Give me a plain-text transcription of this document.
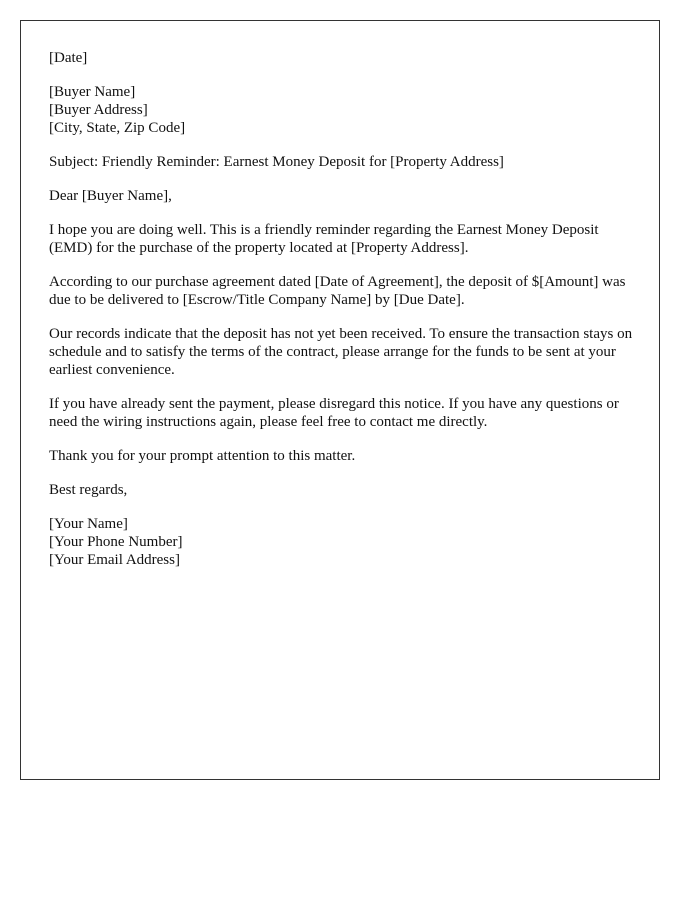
[Date]

[Buyer Name]
[Buyer Address]
[City, State, Zip Code]

Subject: Friendly Reminder: Earnest Money Deposit for [Property Address]

Dear [Buyer Name],

I hope you are doing well. This is a friendly reminder regarding the Earnest Money Deposit (EMD) for the purchase of the property located at [Property Address].

According to our purchase agreement dated [Date of Agreement], the deposit of $[Amount] was due to be delivered to [Escrow/Title Company Name] by [Due Date].

Our records indicate that the deposit has not yet been received. To ensure the transaction stays on schedule and to satisfy the terms of the contract, please arrange for the funds to be sent at your earliest convenience.

If you have already sent the payment, please disregard this notice. If you have any questions or need the wiring instructions again, please feel free to contact me directly.

Thank you for your prompt attention to this matter.

Best regards,

[Your Name]
[Your Phone Number]
[Your Email Address]
